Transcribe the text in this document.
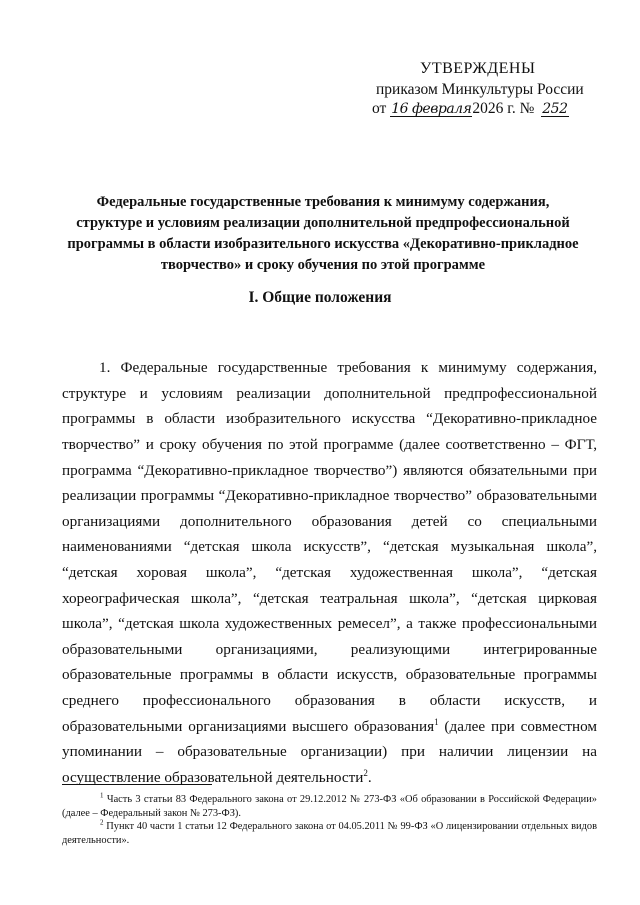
УТВЕРЖДЕНЫ
приказом Минкультуры России
от 16 февраля2026 г. № 252
Федеральные государственные требования к минимуму содержания, структуре и условиям реализации дополнительной предпрофессиональной программы в области изобразительного искусства «Декоративно-прикладное творчество» и сроку обучения по этой программе
I. Общие положения

1. Федеральные государственные требования к минимуму содержания, структуре и условиям реализации дополнительной предпрофессиональной программы в области изобразительного искусства “Декоративно-прикладное творчество” и сроку обучения по этой программе (далее соответственно – ФГТ, программа “Декоративно-прикладное творчество”) являются обязательными при реализации программы “Декоративно-прикладное творчество” образовательными организациями дополнительного образования детей со специальными наименованиями “детская школа искусств”, “детская музыкальная школа”, “детская хоровая школа”, “детская художественная школа”, “детская хореографическая школа”, “детская театральная школа”, “детская цирковая школа”, “детская школа художественных ремесел”, а также профессиональными образовательными организациями, реализующими интегрированные образовательные программы в области искусств, образовательные программы среднего профессионального образования в области искусств, и образовательными организациями высшего образования$^1$ (далее при совместном упоминании – образовательные организации) при наличии лицензии на осуществление образовательной деятельности$^2$.

$^1$ Часть 3 статьи 83 Федерального закона от 29.12.2012 № 273-ФЗ «Об образовании в Российской Федерации» (далее – Федеральный закон № 273-ФЗ).

$^2$ Пункт 40 части 1 статьи 12 Федерального закона от 04.05.2011 № 99-ФЗ «О лицензировании отдельных видов деятельности».
